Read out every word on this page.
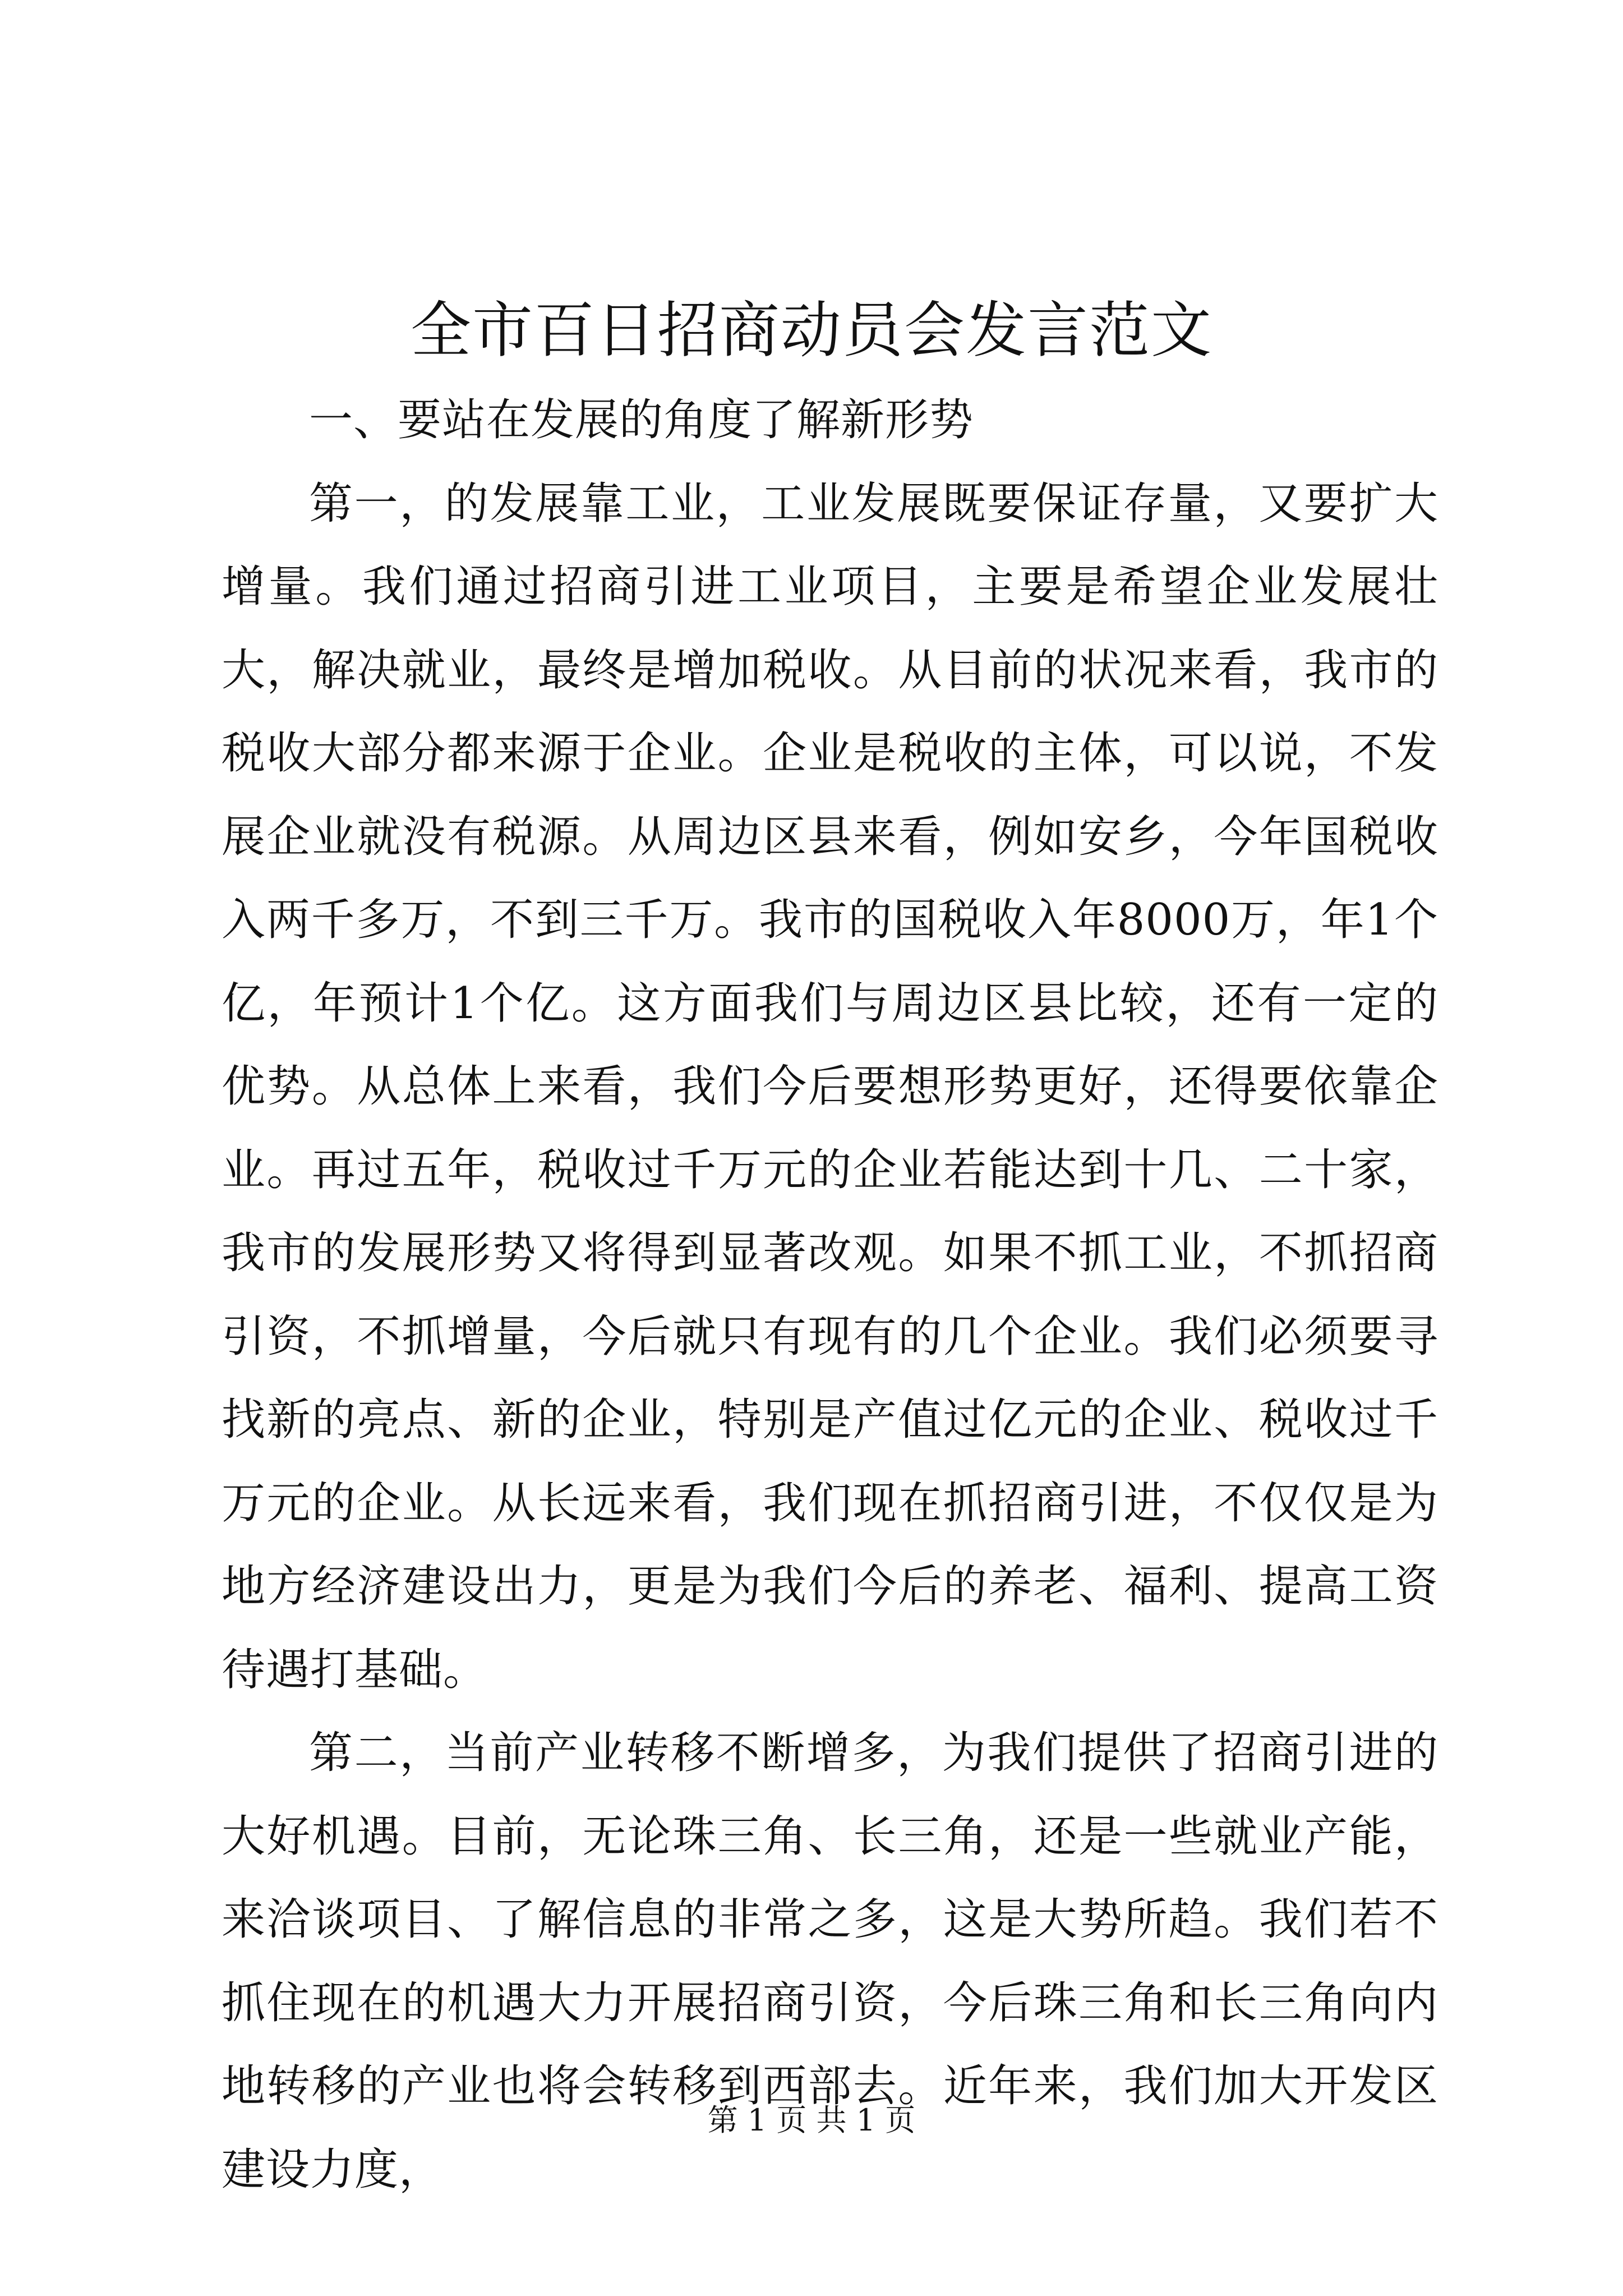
全市百日招商动员会发言范文

一、要站在发展的角度了解新形势

第一，的发展靠工业，工业发展既要保证存量，又要扩大增量。我们通过招商引进工业项目，主要是希望企业发展壮大，解决就业，最终是增加税收。从目前的状况来看，我市的税收大部分都来源于企业。企业是税收的主体，可以说，不发展企业就没有税源。从周边区县来看，例如安乡，今年国税收入两千多万，不到三千万。我市的国税收入年8000万，年1个亿，年预计1个亿。这方面我们与周边区县比较，还有一定的优势。从总体上来看，我们今后要想形势更好，还得要依靠企业。再过五年，税收过千万元的企业若能达到十几、二十家，我市的发展形势又将得到显著改观。如果不抓工业，不抓招商引资，不抓增量，今后就只有现有的几个企业。我们必须要寻找新的亮点、新的企业，特别是产值过亿元的企业、税收过千万元的企业。从长远来看，我们现在抓招商引进，不仅仅是为地方经济建设出力，更是为我们今后的养老、福利、提高工资待遇打基础。

第二，当前产业转移不断增多，为我们提供了招商引进的大好机遇。目前，无论珠三角、长三角，还是一些就业产能，来洽谈项目、了解信息的非常之多，这是大势所趋。我们若不抓住现在的机遇大力开展招商引资，今后珠三角和长三角向内地转移的产业也将会转移到西部去。近年来，我们加大开发区建设力度，

第 1 页 共 1 页
